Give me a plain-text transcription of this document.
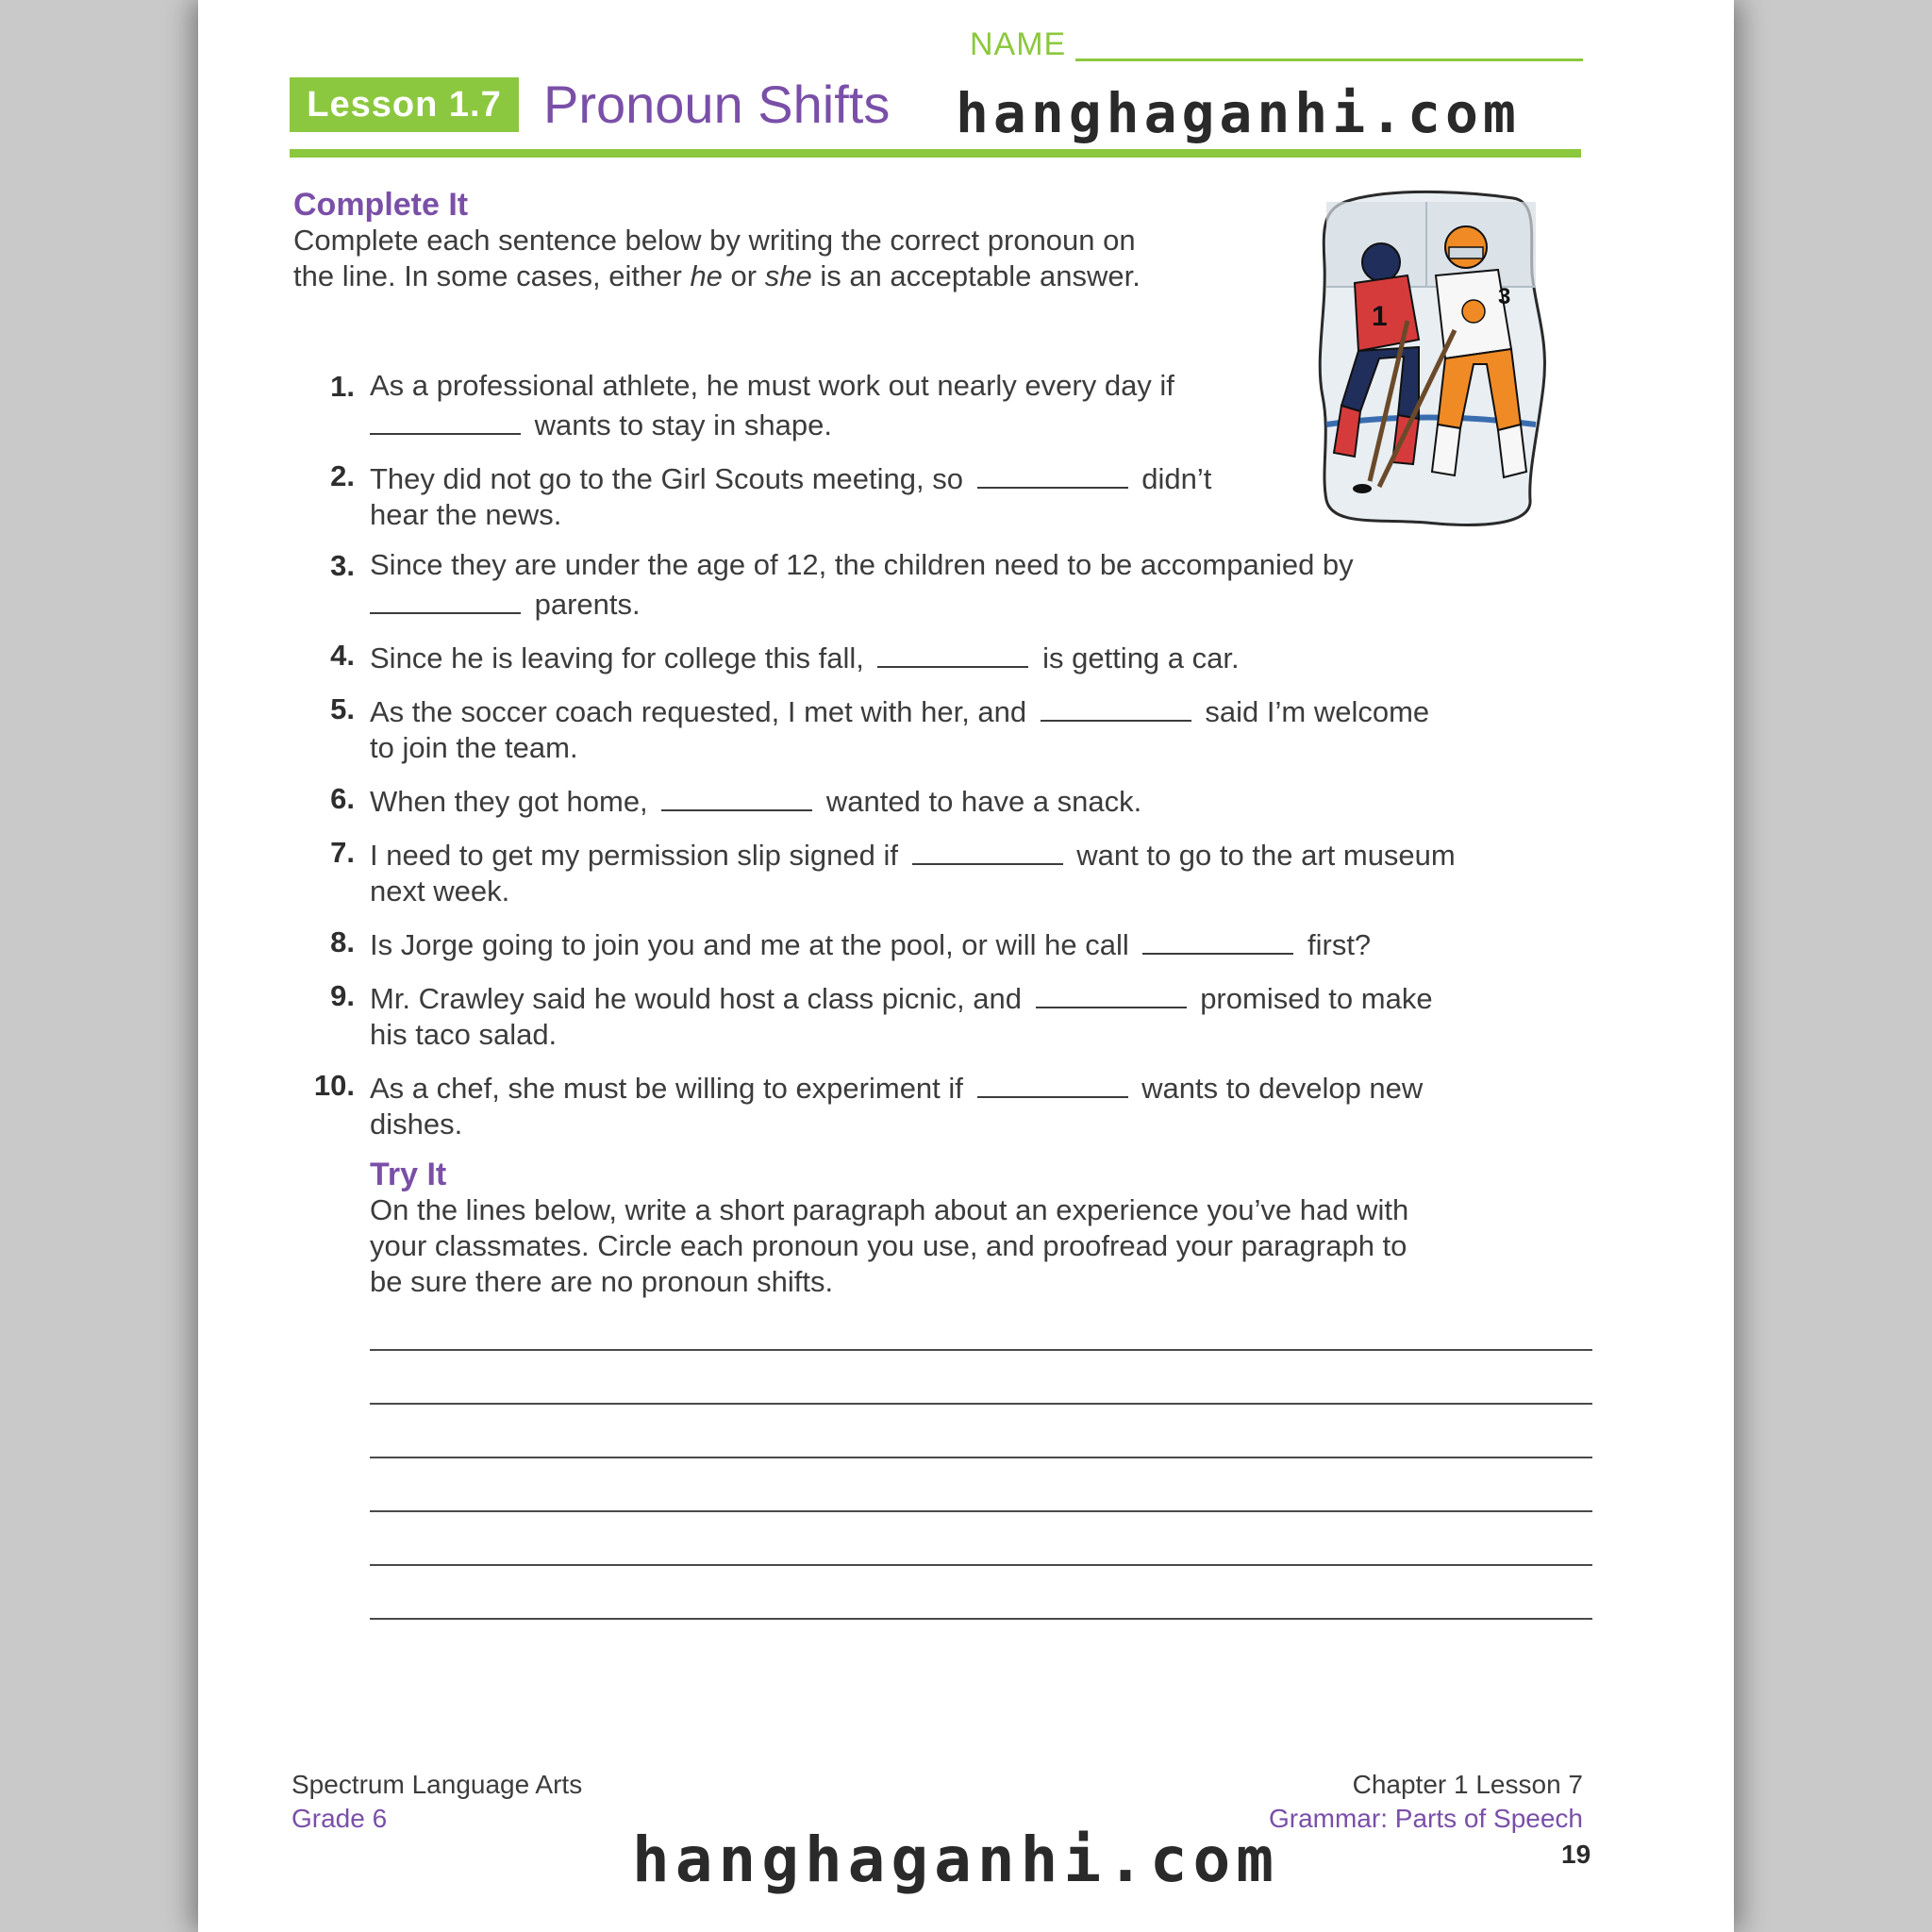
NAME
Lesson 1.7 Pronoun Shifts hanghaganhi.com
Complete It
Complete each sentence below by writing the correct pronoun on
the line. In some cases, either he or she is an acceptable answer.
1
3
1. As a professional athlete, he must work out nearly every day if
wants to stay in shape.
2. They did not go to the Girl Scouts meeting, so	didn’t
hear the news.
3. Since they are under the age of 12, the children need to be accompanied by
parents.
4. Since he is leaving for college this fall,	is getting a car.
5. As the soccer coach requested, I met with her, and	said I’m welcome
to join the team.
6. When they got home,	wanted to have a snack.
7. I need to get my permission slip signed if	want to go to the art museum
next week.
8. Is Jorge going to join you and me at the pool, or will he call	first?
9. Mr. Crawley said he would host a class picnic, and	promised to make
his taco salad.
10. As a chef, she must be willing to experiment if	wants to develop new
dishes.
Try It
On the lines below, write a short paragraph about an experience you’ve had with
your classmates. Circle each pronoun you use, and proofread your paragraph to
be sure there are no pronoun shifts.
Spectrum Language Arts
Grade 6
Chapter 1 Lesson 7
Grammar: Parts of Speech
hanghaganhi.com	19
